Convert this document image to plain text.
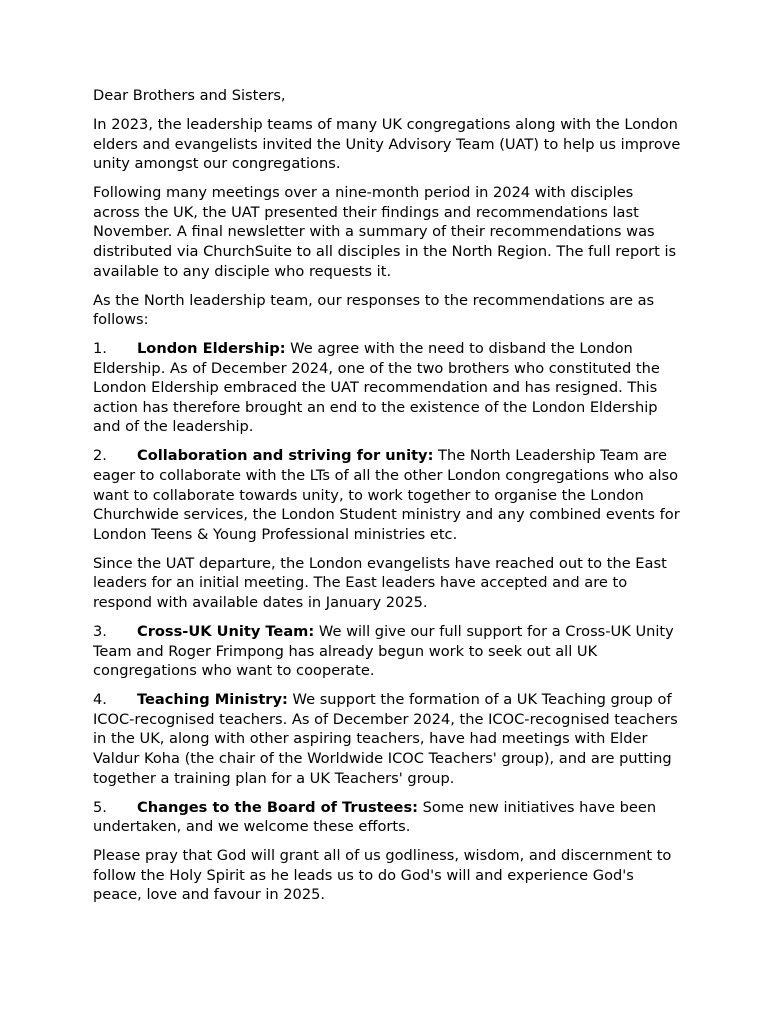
Dear Brothers and Sisters,

In 2023, the leadership teams of many UK congregations along with the London elders and evangelists invited the Unity Advisory Team (UAT) to help us improve unity amongst our congregations.

Following many meetings over a nine-month period in 2024 with disciples across the UK, the UAT presented their findings and recommendations last November. A final newsletter with a summary of their recommendations was distributed via ChurchSuite to all disciples in the North Region. The full report is available to any disciple who requests it.

As the North leadership team, our responses to the recommendations are as follows:

1. London Eldership: We agree with the need to disband the London Eldership. As of December 2024, one of the two brothers who constituted the London Eldership embraced the UAT recommendation and has resigned. This action has therefore brought an end to the existence of the London Eldership and of the leadership.

2. Collaboration and striving for unity: The North Leadership Team are eager to collaborate with the LTs of all the other London congregations who also want to collaborate towards unity, to work together to organise the London Churchwide services, the London Student ministry and any combined events for London Teens & Young Professional ministries etc.

Since the UAT departure, the London evangelists have reached out to the East leaders for an initial meeting. The East leaders have accepted and are to respond with available dates in January 2025.

3. Cross-UK Unity Team: We will give our full support for a Cross-UK Unity Team and Roger Frimpong has already begun work to seek out all UK congregations who want to cooperate.

4. Teaching Ministry: We support the formation of a UK Teaching group of ICOC-recognised teachers. As of December 2024, the ICOC-recognised teachers in the UK, along with other aspiring teachers, have had meetings with Elder Valdur Koha (the chair of the Worldwide ICOC Teachers' group), and are putting together a training plan for a UK Teachers' group.

5. Changes to the Board of Trustees: Some new initiatives have been undertaken, and we welcome these efforts.

Please pray that God will grant all of us godliness, wisdom, and discernment to follow the Holy Spirit as he leads us to do God's will and experience God's peace, love and favour in 2025.
